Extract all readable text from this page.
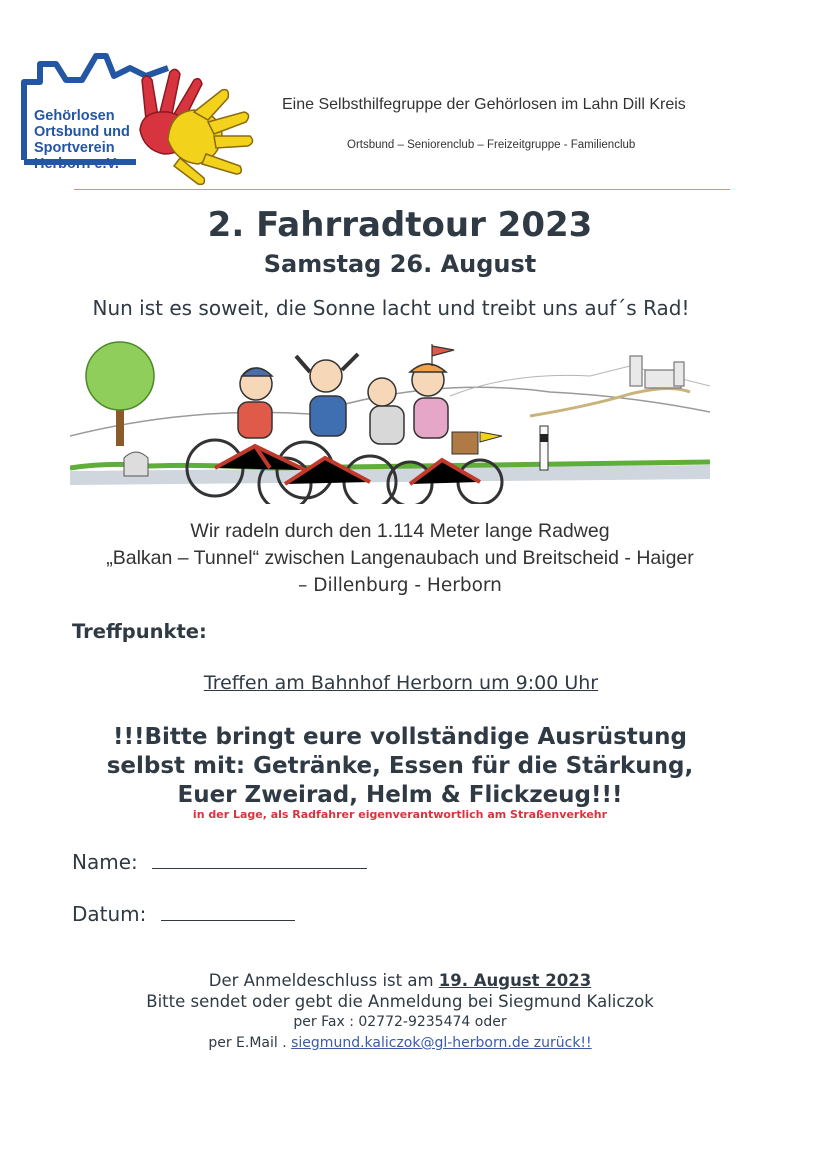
Gehörlosen
Ortsbund und
Sportverein
Herborn e.V.
Eine Selbsthilfegruppe der Gehörlosen im Lahn Dill Kreis
Ortsbund – Seniorenclub – Freizeitgruppe - Familienclub
2. Fahrradtour 2023
Samstag 26. August
Nun ist es soweit, die Sonne lacht und treibt uns auf´s Rad!
Wir radeln durch den 1.114 Meter lange Radweg
„Balkan – Tunnel“ zwischen Langenaubach und Breitscheid - Haiger
– Dillenburg - Herborn
Treffpunkte:
Treffen am Bahnhof Herborn um 9:00 Uhr
!!!Bitte bringt eure vollständige Ausrüstung
selbst mit: Getränke, Essen für die Stärkung,
Euer Zweirad, Helm & Flickzeug!!!
in der Lage, als Radfahrer eigenverantwortlich am Straßenverkehr
Name:
Datum:
Der Anmeldeschluss ist am 19. August 2023
Bitte sendet oder gebt die Anmeldung bei Siegmund Kaliczok
per Fax : 02772-9235474 oder
per E.Mail . siegmund.kaliczok@gl-herborn.de zurück!!
